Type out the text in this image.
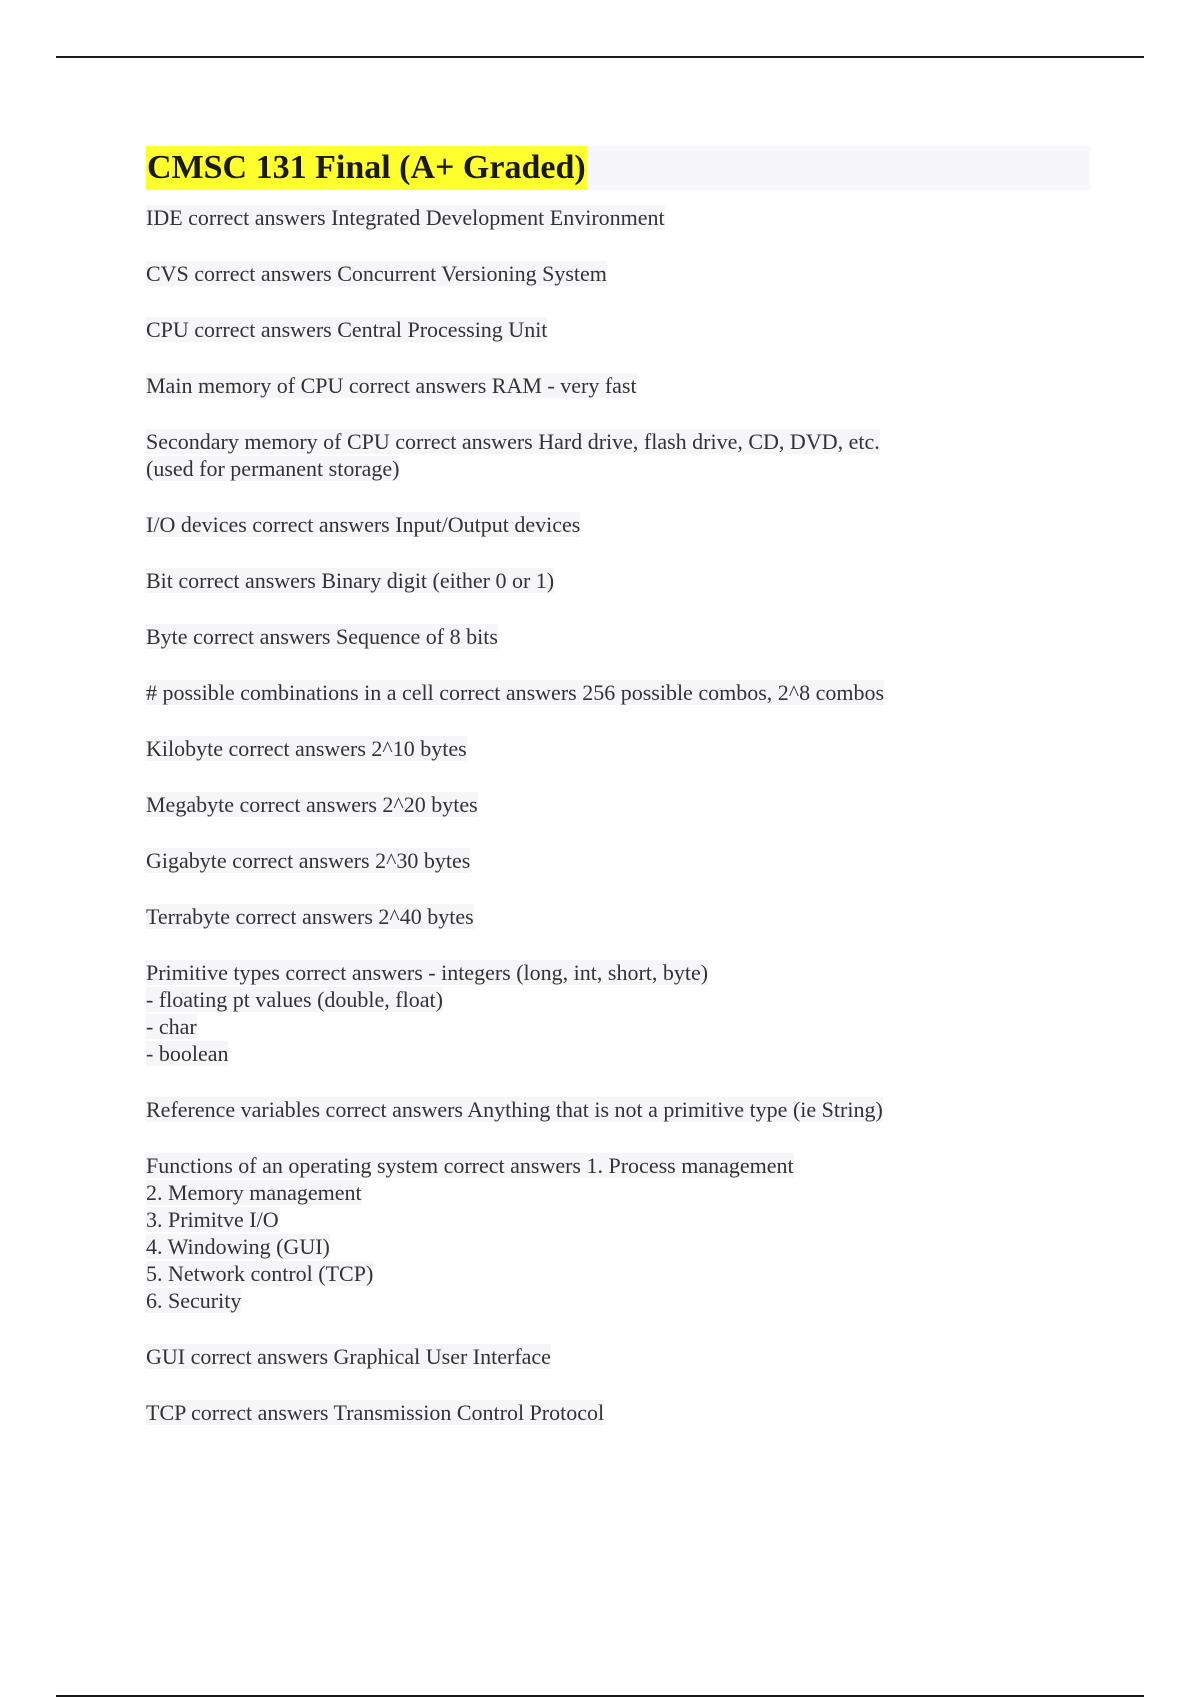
CMSC 131 Final (A+ Graded)
IDE correct answers Integrated Development Environment
CVS correct answers Concurrent Versioning System
CPU correct answers Central Processing Unit
Main memory of CPU correct answers RAM - very fast
Secondary memory of CPU correct answers Hard drive, flash drive, CD, DVD, etc.
(used for permanent storage)
I/O devices correct answers Input/Output devices
Bit correct answers Binary digit (either 0 or 1)
Byte correct answers Sequence of 8 bits
# possible combinations in a cell correct answers 256 possible combos, 2^8 combos
Kilobyte correct answers 2^10 bytes
Megabyte correct answers 2^20 bytes
Gigabyte correct answers 2^30 bytes
Terrabyte correct answers 2^40 bytes
Primitive types correct answers - integers (long, int, short, byte)
- floating pt values (double, float)
- char
- boolean
Reference variables correct answers Anything that is not a primitive type (ie String)
Functions of an operating system correct answers 1. Process management
2. Memory management
3. Primitve I/O
4. Windowing (GUI)
5. Network control (TCP)
6. Security
GUI correct answers Graphical User Interface
TCP correct answers Transmission Control Protocol
